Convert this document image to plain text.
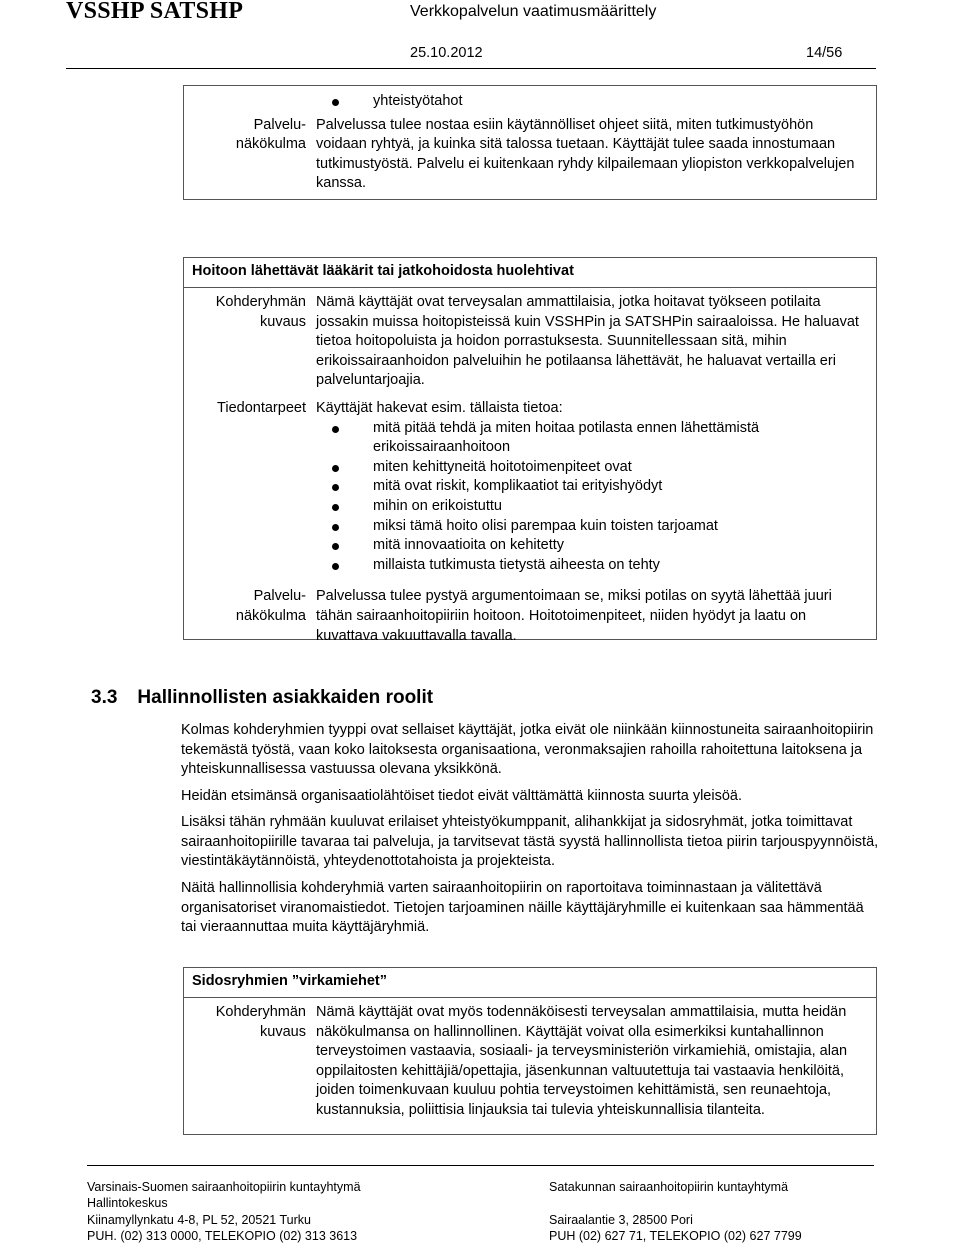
VSSHP SATSHP	Verkkopalvelun vaatimusmäärittely
25.10.2012	14/56
yhteistyötahot
Palvelu-
näkökulma

Palvelussa tulee nostaa esiin käytännölliset ohjeet siitä, miten tutkimustyöhön voidaan ryhtyä, ja kuinka sitä talossa tuetaan. Käyttäjät tulee saada innostumaan tutkimustyöstä. Palvelu ei kuitenkaan ryhdy kilpailemaan yliopiston verkkopalvelujen kanssa.

Hoitoon lähettävät lääkärit tai jatkohoidosta huolehtivat
Kohderyhmän
kuvaus

Nämä käyttäjät ovat terveysalan ammattilaisia, jotka hoitavat työkseen potilaita jossakin muissa hoitopisteissä kuin VSSHPin ja SATSHPin sairaaloissa. He haluavat tietoa hoitopoluista ja hoidon porrastuksesta. Suunnitellessaan sitä, mihin erikoissairaanhoidon palveluihin he potilaansa lähettävät, he haluavat vertailla eri palveluntarjoajia.

Tiedontarpeet Käyttäjät hakevat esim. tällaista tietoa:

mitä pitää tehdä ja miten hoitaa potilasta ennen lähettämistä erikoissairaanhoitoon
miten kehittyneitä hoitotoimenpiteet ovat
mitä ovat riskit, komplikaatiot tai erityishyödyt
mihin on erikoistuttu
miksi tämä hoito olisi parempaa kuin toisten tarjoamat
mitä innovaatioita on kehitetty
millaista tutkimusta tietystä aiheesta on tehty
Palvelu-
näkökulma

Palvelussa tulee pystyä argumentoimaan se, miksi potilas on syytä lähettää juuri tähän sairaanhoitopiiriin hoitoon. Hoitotoimenpiteet, niiden hyödyt ja laatu on kuvattava vakuuttavalla tavalla.

3.3 Hallinnollisten asiakkaiden roolit

Kolmas kohderyhmien tyyppi ovat sellaiset käyttäjät, jotka eivät ole niinkään kiinnostuneita sairaanhoitopiirin tekemästä työstä, vaan koko laitoksesta organisaationa, veronmaksajien rahoilla rahoitettuna laitoksena ja yhteiskunnallisessa vastuussa olevana yksikkönä.

Heidän etsimänsä organisaatiolähtöiset tiedot eivät välttämättä kiinnosta suurta yleisöä.

Lisäksi tähän ryhmään kuuluvat erilaiset yhteistyökumppanit, alihankkijat ja sidosryhmät, jotka toimittavat sairaanhoitopiirille tavaraa tai palveluja, ja tarvitsevat tästä syystä hallinnollista tietoa piirin tarjouspyynnöistä, viestintäkäytännöistä, yhteydenottotahoista ja projekteista.

Näitä hallinnollisia kohderyhmiä varten sairaanhoitopiirin on raportoitava toiminnastaan ja välitettävä organisatoriset viranomaistiedot. Tietojen tarjoaminen näille käyttäjäryhmille ei kuitenkaan saa hämmentää tai vieraannuttaa muita käyttäjäryhmiä.

Sidosryhmien ”virkamiehet”
Kohderyhmän
kuvaus

Nämä käyttäjät ovat myös todennäköisesti terveysalan ammattilaisia, mutta heidän näkökulmansa on hallinnollinen. Käyttäjät voivat olla esimerkiksi kuntahallinnon terveystoimen vastaavia, sosiaali- ja terveysministeriön virkamiehiä, omistajia, alan oppilaitosten kehittäjiä/opettajia, jäsenkunnan valtuutettuja tai vastaavia henkilöitä, joiden toimenkuvaan kuuluu pohtia terveystoimen kehittämistä, sen reunaehtoja, kustannuksia, poliittisia linjauksia tai tulevia yhteiskunnallisia tilanteita.

Varsinais-Suomen sairaanhoitopiirin kuntayhtymä
Hallintokeskus
Kiinamyllynkatu 4-8, PL 52, 20521 Turku
PUH. (02) 313 0000, TELEKOPIO (02) 313 3613
Satakunnan sairaanhoitopiirin kuntayhtymä

Sairaalantie 3, 28500 Pori
PUH (02) 627 71, TELEKOPIO (02) 627 7799
